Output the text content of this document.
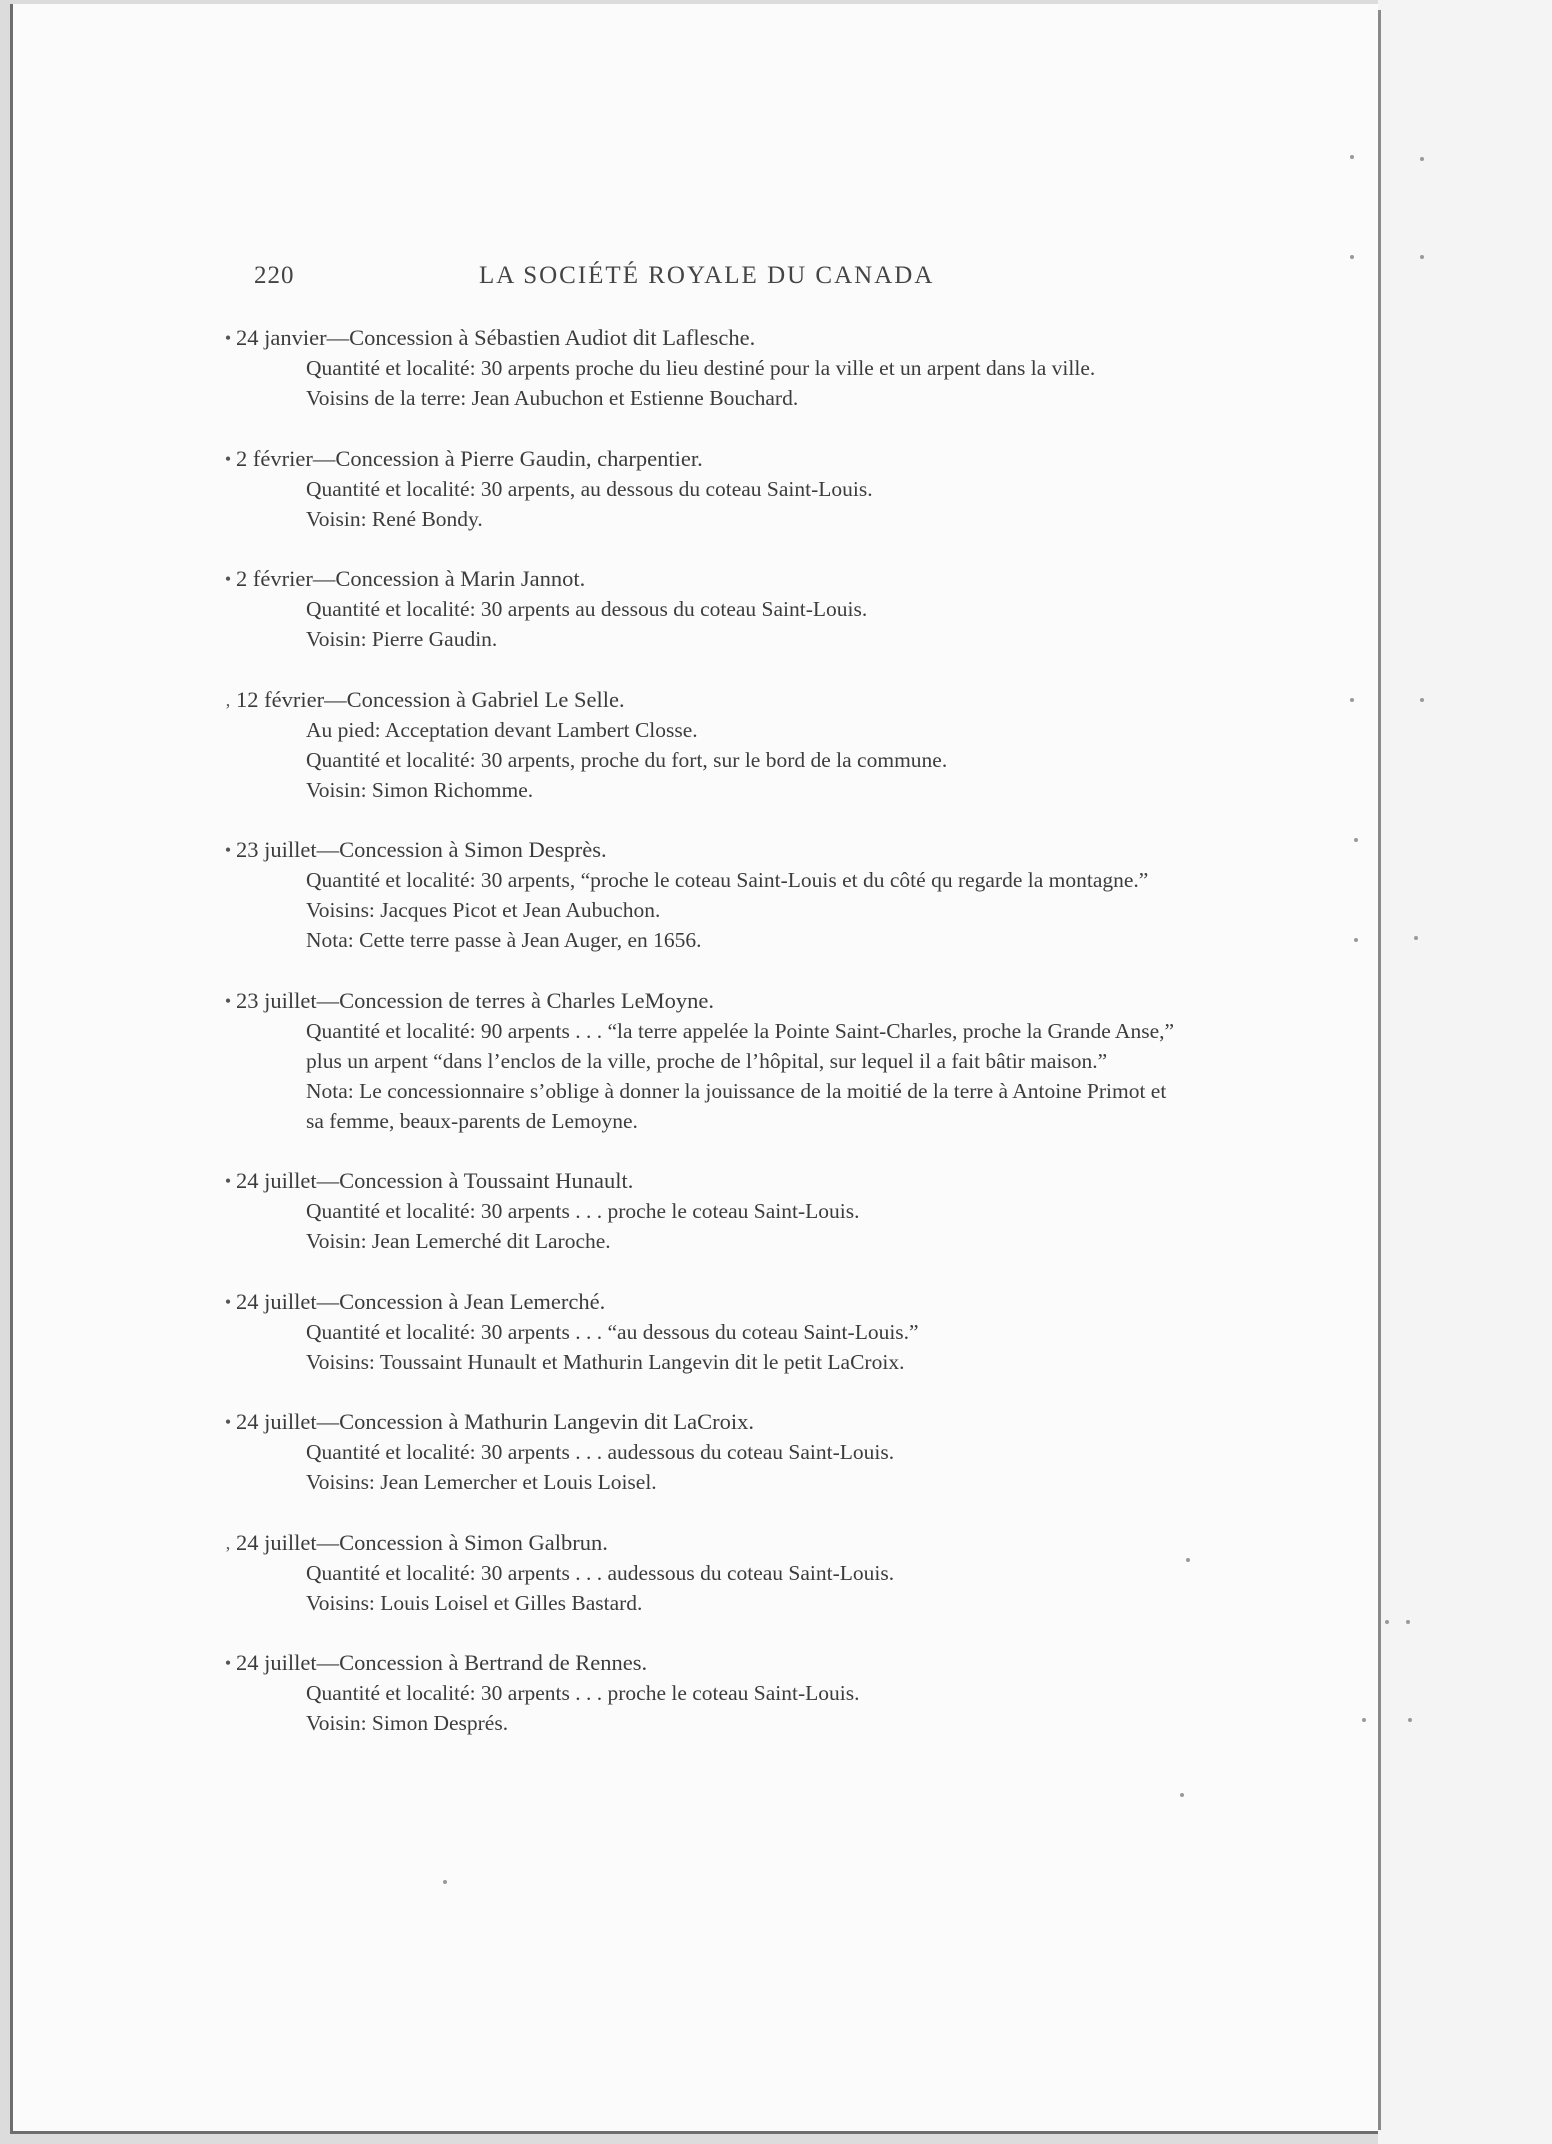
220	LA SOCIÉTÉ ROYALE DU CANADA
• 24 janvier—Concession à Sébastien Audiot dit Laflesche.
Quantité et localité: 30 arpents proche du lieu destiné pour la ville et un arpent dans la ville.
Voisins de la terre: Jean Aubuchon et Estienne Bouchard.
• 2 février—Concession à Pierre Gaudin, charpentier.
Quantité et localité: 30 arpents, au dessous du coteau Saint-Louis.
Voisin: René Bondy.
• 2 février—Concession à Marin Jannot.
Quantité et localité: 30 arpents au dessous du coteau Saint-Louis.
Voisin: Pierre Gaudin.
, 12 février—Concession à Gabriel Le Selle.
Au pied: Acceptation devant Lambert Closse.
Quantité et localité: 30 arpents, proche du fort, sur le bord de la commune.
Voisin: Simon Richomme.
• 23 juillet—Concession à Simon Desprès.
Quantité et localité: 30 arpents, “proche le coteau Saint-Louis et du côté qu regarde la montagne.”
Voisins: Jacques Picot et Jean Aubuchon.
Nota: Cette terre passe à Jean Auger, en 1656.
• 23 juillet—Concession de terres à Charles LeMoyne.
Quantité et localité: 90 arpents . . . “la terre appelée la Pointe Saint-Charles, proche la Grande Anse,” plus un arpent “dans l’enclos de la ville, proche de l’hôpital, sur lequel il a fait bâtir maison.”
Nota: Le concessionnaire s’oblige à donner la jouissance de la moitié de la terre à Antoine Primot et sa femme, beaux-parents de Lemoyne.
• 24 juillet—Concession à Toussaint Hunault.
Quantité et localité: 30 arpents . . . proche le coteau Saint-Louis.
Voisin: Jean Lemerché dit Laroche.
• 24 juillet—Concession à Jean Lemerché.
Quantité et localité: 30 arpents . . . “au dessous du coteau Saint-Louis.”
Voisins: Toussaint Hunault et Mathurin Langevin dit le petit LaCroix.
• 24 juillet—Concession à Mathurin Langevin dit LaCroix.
Quantité et localité: 30 arpents . . . audessous du coteau Saint-Louis.
Voisins: Jean Lemercher et Louis Loisel.
, 24 juillet—Concession à Simon Galbrun.
Quantité et localité: 30 arpents . . . audessous du coteau Saint-Louis.
Voisins: Louis Loisel et Gilles Bastard.
• 24 juillet—Concession à Bertrand de Rennes.
Quantité et localité: 30 arpents . . . proche le coteau Saint-Louis.
Voisin: Simon Després.
